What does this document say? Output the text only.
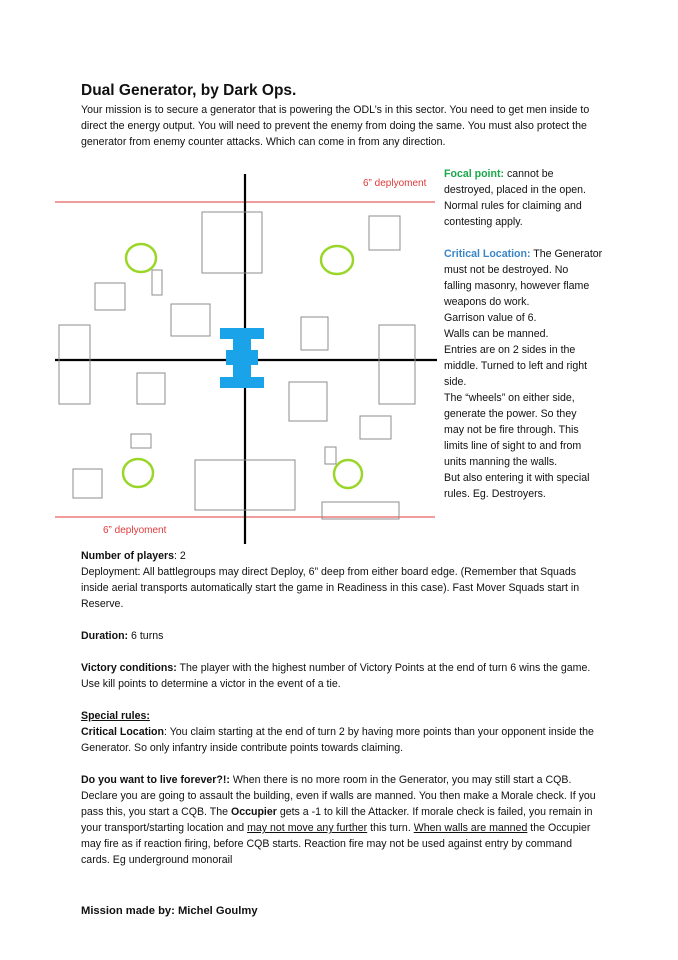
Dual Generator, by Dark Ops.

Your mission is to secure a generator that is powering the ODL’s in this sector. You need to get men inside to direct the energy output. You will need to prevent the enemy from doing the same. You must also protect the generator from enemy counter attacks. Which can come in from any direction.

6” deplyoment
6” deplyoment

Focal point: cannot be
destroyed, placed in the open.
Normal rules for claiming and
contesting apply.

Critical Location: The Generator
must not be destroyed. No
falling masonry, however flame
weapons do work.
Garrison value of 6.
Walls can be manned.
Entries are on 2 sides in the
middle. Turned to left and right
side.
The “wheels” on either side,
generate the power. So they
may not be fire through. This
limits line of sight to and from
units manning the walls.
But also entering it with special
rules. Eg. Destroyers.

Number of players: 2

Deployment: All battlegroups may direct Deploy, 6” deep from either board edge. (Remember that Squads inside aerial transports automatically start the game in Readiness in this case). Fast Mover Squads start in Reserve.

Duration: 6 turns

Victory conditions: The player with the highest number of Victory Points at the end of turn 6 wins the game. Use kill points to determine a victor in the event of a tie.

Special rules:

Critical Location: You claim starting at the end of turn 2 by having more points than your opponent inside the Generator. So only infantry inside contribute points towards claiming.

Do you want to live forever?!: When there is no more room in the Generator, you may still start a CQB. Declare you are going to assault the building, even if walls are manned. You then make a Morale check. If you pass this, you start a CQB. The Occupier gets a -1 to kill the Attacker. If morale check is failed, you remain in your transport/starting location and may not move any further this turn. When walls are manned the Occupier may fire as if reaction firing, before CQB starts. Reaction fire may not be used against entry by command cards. Eg underground monorail

Mission made by: Michel Goulmy
